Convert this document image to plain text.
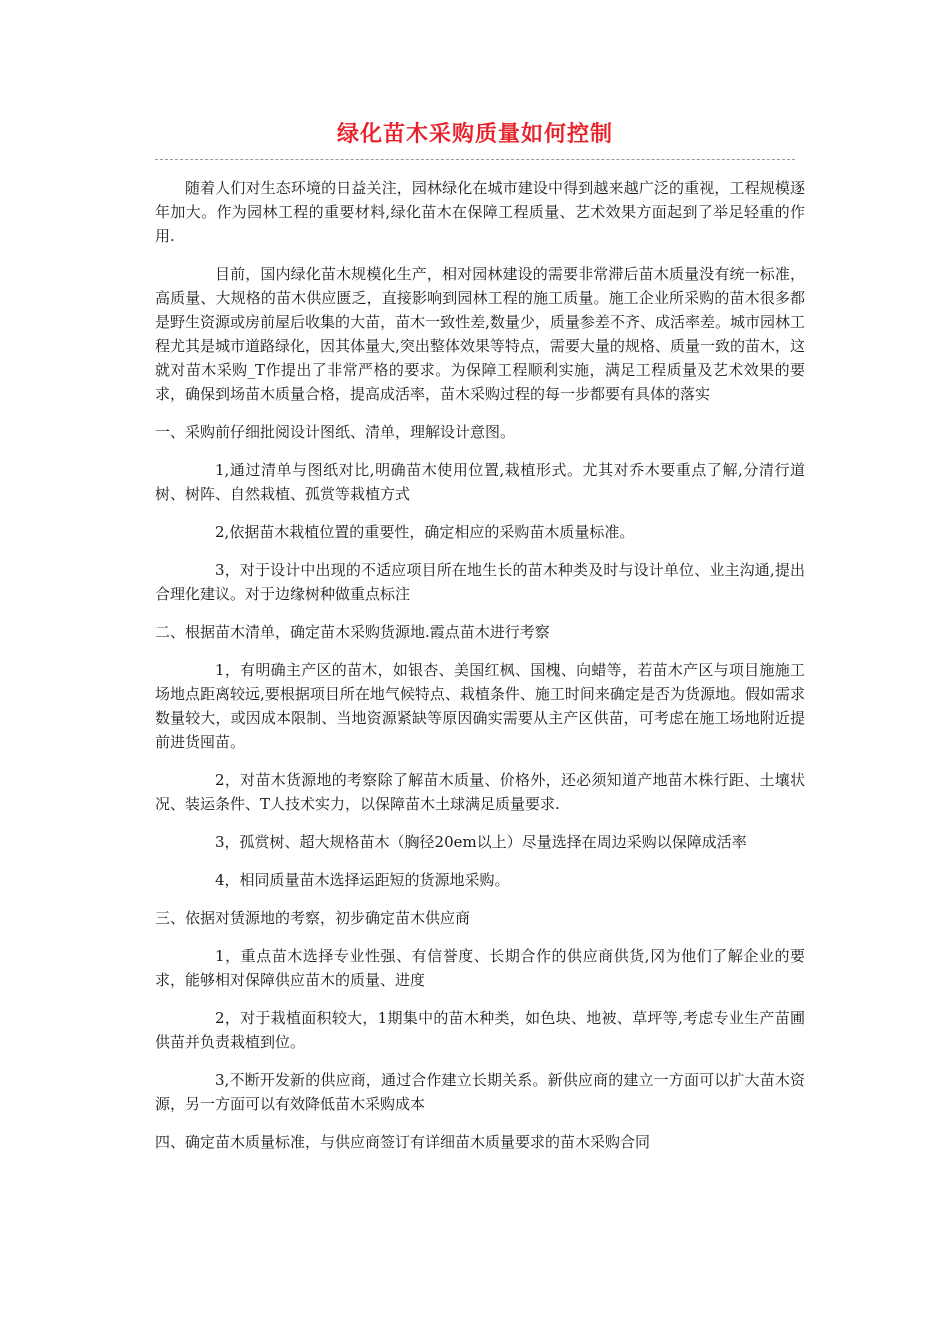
绿化苗木采购质量如何控制

随着人们对生态环境的日益关注，园林绿化在城市建设中得到越来越广泛的重视，工程规模逐年加大。作为园林工程的重要材料,绿化苗木在保障工程质量、艺术效果方面起到了举足轻重的作用.

目前，国内绿化苗木规模化生产，相对园林建设的需要非常滞后苗木质量没有统一标准，高质量、大规格的苗木供应匮乏，直接影响到园林工程的施工质量。施工企业所采购的苗木很多都是野生资源或房前屋后收集的大苗，苗木一致性差,数量少，质量参差不齐、成活率差。城市园林工程尤其是城市道路绿化，因其体量大,突出整体效果等特点，需要大量的规格、质量一致的苗木，这就对苗木采购_T作提出了非常严格的要求。为保障工程顺利实施，满足工程质量及艺术效果的要求，确保到场苗木质量合格，提高成活率，苗木采购过程的每一步都要有具体的落实

一、采购前仔细批阅设计图纸、清单，理解设计意图。

1,通过清单与图纸对比,明确苗木使用位置,栽植形式。尤其对乔木要重点了解,分清行道树、树阵、自然栽植、孤赏等栽植方式

2,依据苗木栽植位置的重要性，确定相应的采购苗木质量标准。

3，对于设计中出现的不适应项目所在地生长的苗木种类及时与设计单位、业主沟通,提出合理化建议。对于边缘树种做重点标注

二、根据苗木清单，确定苗木采购货源地.霞点苗木进行考察

1，有明确主产区的苗木，如银杏、美国红枫、国槐、向蜡等，若苗木产区与项目施施工场地点距离较远,要根据项目所在地气候特点、栽植条件、施工时间来确定是否为货源地。假如需求数量较大，或因成本限制、当地资源紧缺等原因确实需要从主产区供苗，可考虑在施工场地附近提前进货囤苗。

2，对苗木货源地的考察除了解苗木质量、价格外，还必须知道产地苗木株行距、土壤状况、装运条件、T人技术实力，以保障苗木土球满足质量要求.

3，孤赏树、超大规格苗木（胸径20em以上）尽量选择在周边采购以保障成活率

4，相同质量苗木选择运距短的货源地采购。

三、依据对赁源地的考察，初步确定苗木供应商

1，重点苗木选择专业性强、有信誉度、长期合作的供应商供货,冈为他们了解企业的要求，能够相对保障供应苗木的质量、进度

2，对于栽植面积较大，1期集中的苗木种类，如色块、地被、草坪等,考虑专业生产苗圃供苗并负责栽植到位。

3,不断开发新的供应商，通过合作建立长期关系。新供应商的建立一方面可以扩大苗木资源，另一方面可以有效降低苗木采购成本

四、确定苗木质量标准，与供应商签订有详细苗木质量要求的苗木采购合同
